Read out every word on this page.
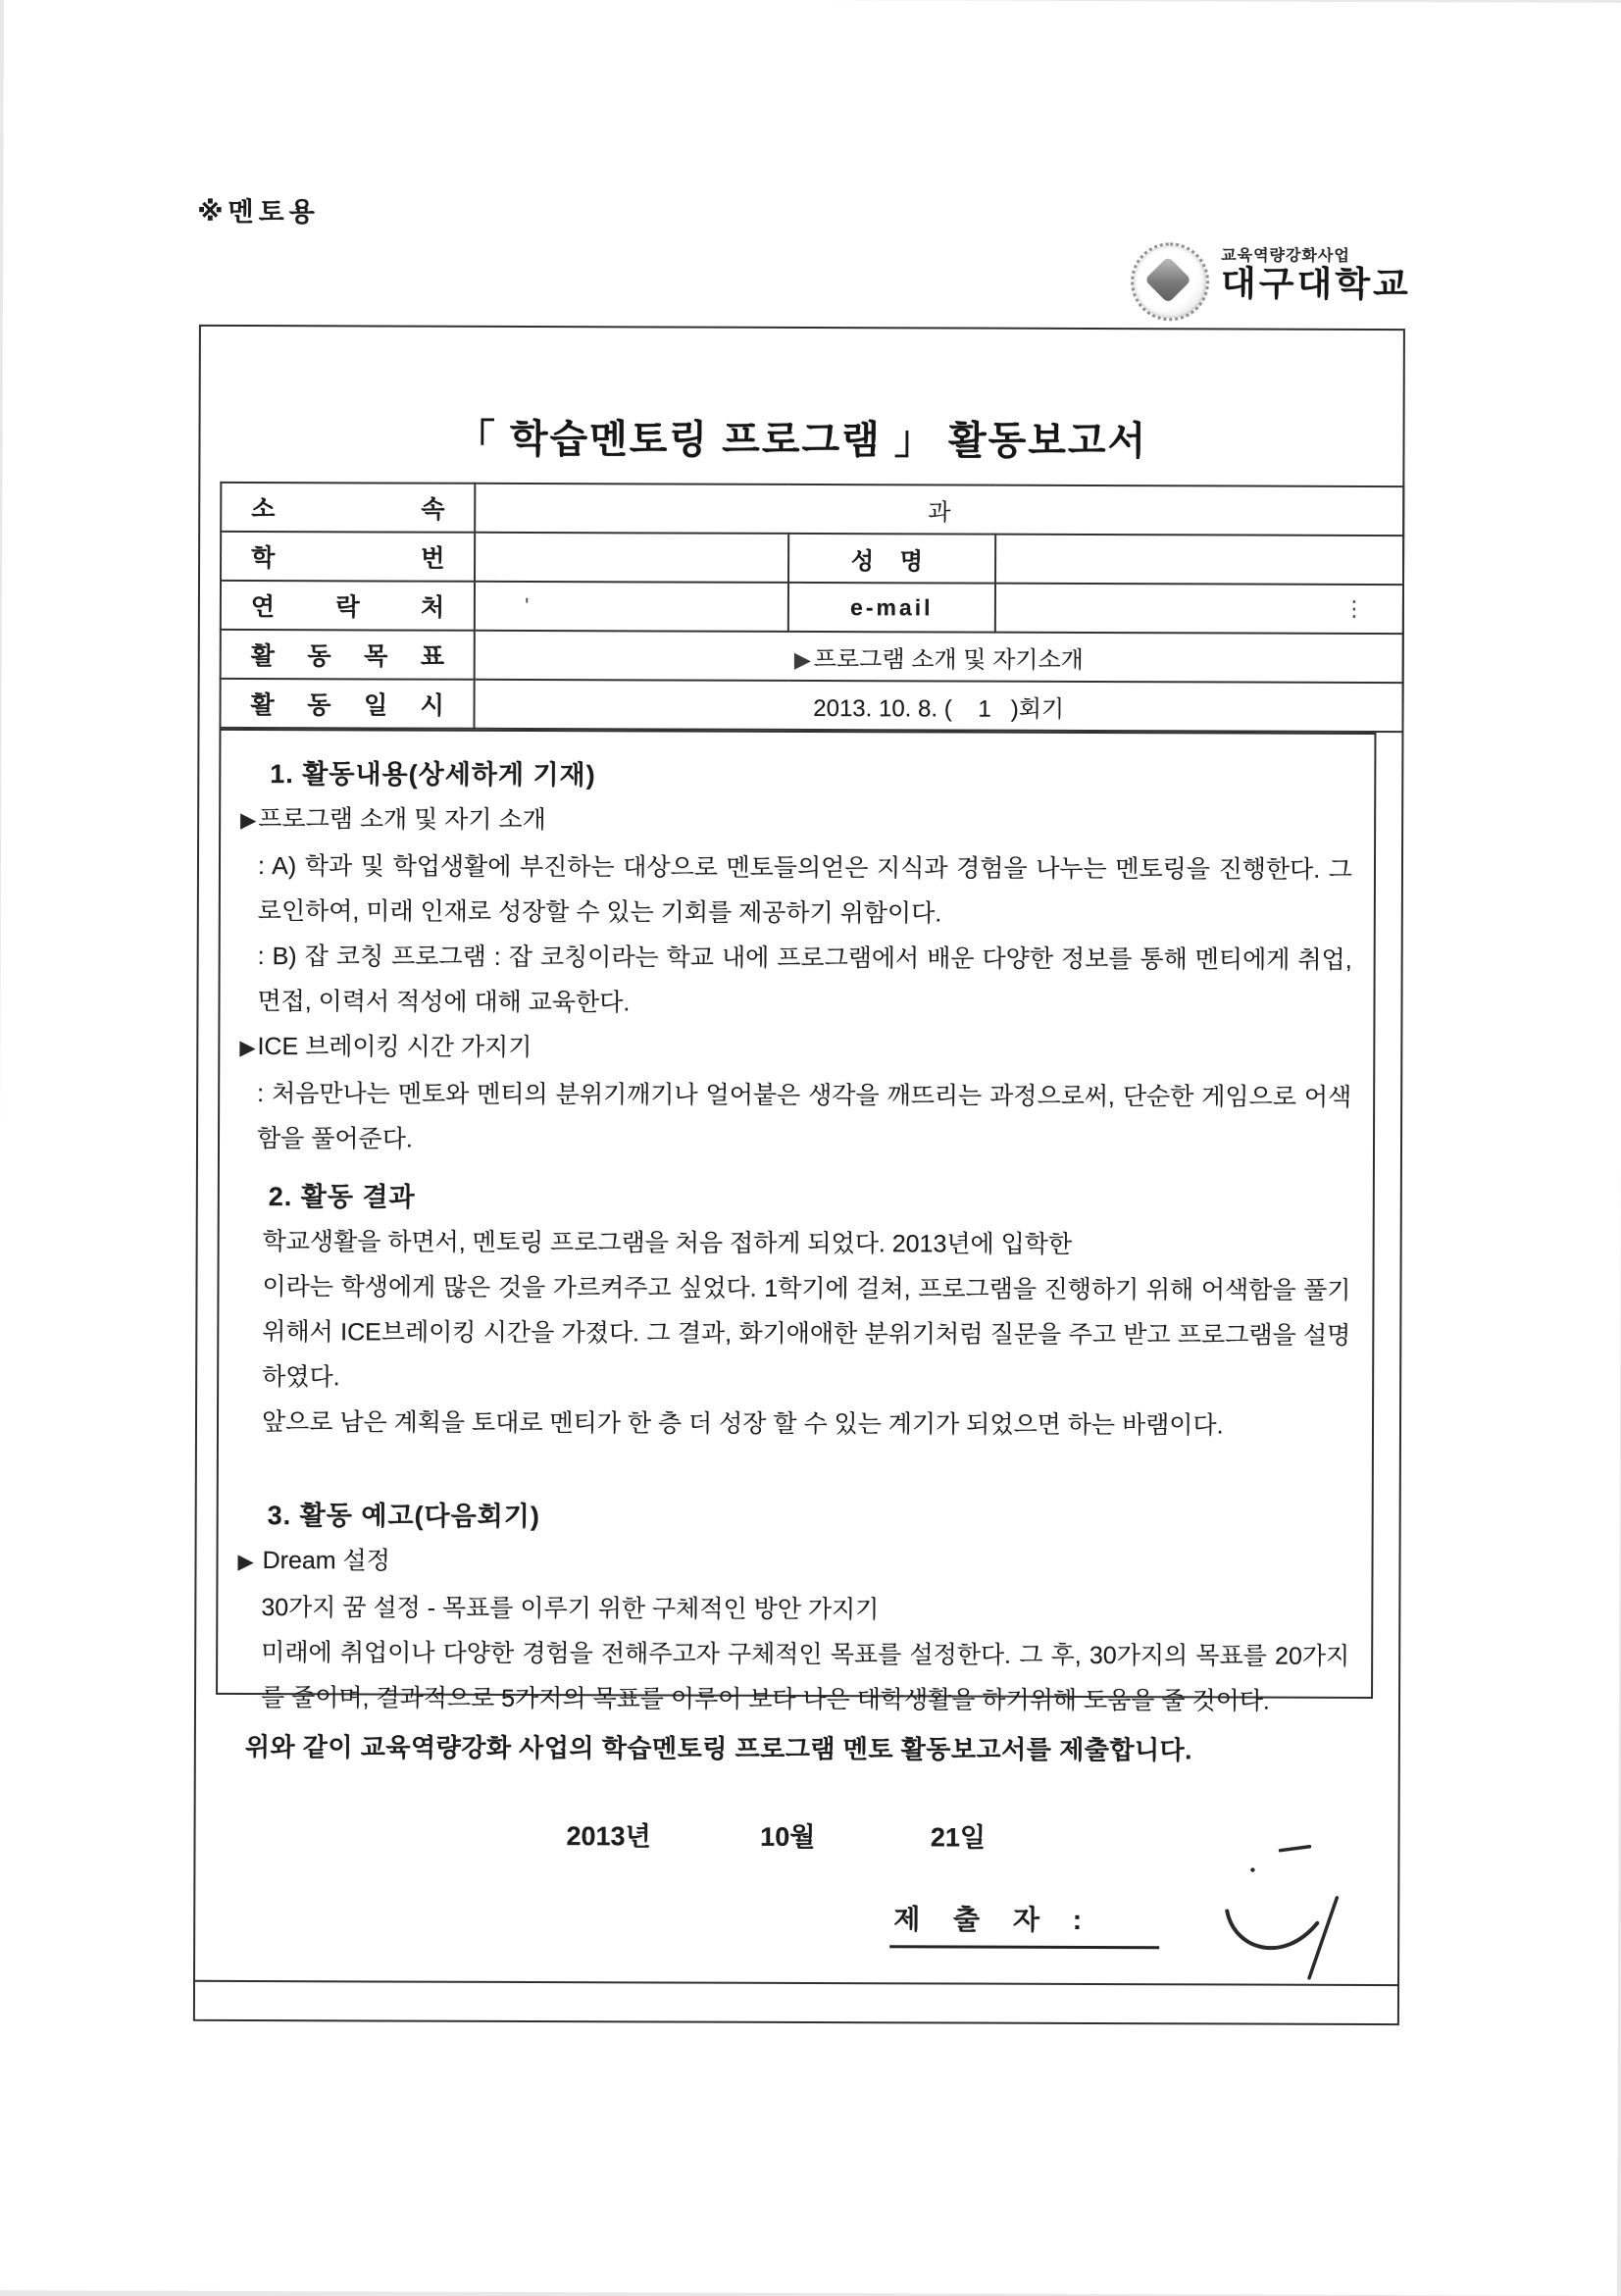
※멘토용
교육역량강화사업
대구대학교
「 학습멘토링 프로그램 」 활동보고서
소 속	과		
학 번		성 명	
연 락 처	ʹ	e-mail	⋮
활 동 목 표	▶ 프로그램 소개 및 자기소개		
활 동 일 시	2013. 10. 8. (    1   )회기		
1. 활동내용(상세하게 기재)
▶프로그램 소개 및 자기 소개
: A) 학과 및 학업생활에 부진하는 대상으로 멘토들의얻은 지식과 경험을 나누는 멘토링을 진행한다. 그로인하여, 미래 인재로 성장할 수 있는 기회를 제공하기 위함이다.
: B) 잡 코칭 프로그램 : 잡 코칭이라는 학교 내에 프로그램에서 배운 다양한 정보를 통해 멘티에게 취업, 면접, 이력서 적성에 대해 교육한다.
▶ICE 브레이킹 시간 가지기
: 처음만나는 멘토와 멘티의 분위기깨기나 얼어붙은 생각을 깨뜨리는 과정으로써, 단순한 게임으로 어색함을 풀어준다.
2. 활동 결과
학교생활을 하면서, 멘토링 프로그램을 처음 접하게 되었다. 2013년에 입학한
이라는 학생에게 많은 것을 가르켜주고 싶었다. 1학기에 걸쳐, 프로그램을 진행하기 위해 어색함을 풀기위해서 ICE브레이킹 시간을 가졌다. 그 결과, 화기애애한 분위기처럼 질문을 주고 받고 프로그램을 설명하였다.
앞으로 남은 계획을 토대로 멘티가 한 층 더 성장 할 수 있는 계기가 되었으면 하는 바램이다.
3. 활동 예고(다음회기)
▶ Dream 설정
30가지 꿈 설정 - 목표를 이루기 위한 구체적인 방안 가지기
미래에 취업이나 다양한 경험을 전해주고자 구체적인 목표를 설정한다. 그 후, 30가지의 목표를 20가지를 줄이며, 결과적으로 5가지의 목표를 이루어 보다 나은 대학생활을 하기위해 도움을 줄 것이다.
위와 같이 교육역량강화 사업의 학습멘토링 프로그램 멘토 활동보고서를 제출합니다.
2013년	10월	21일
제 출 자 :
